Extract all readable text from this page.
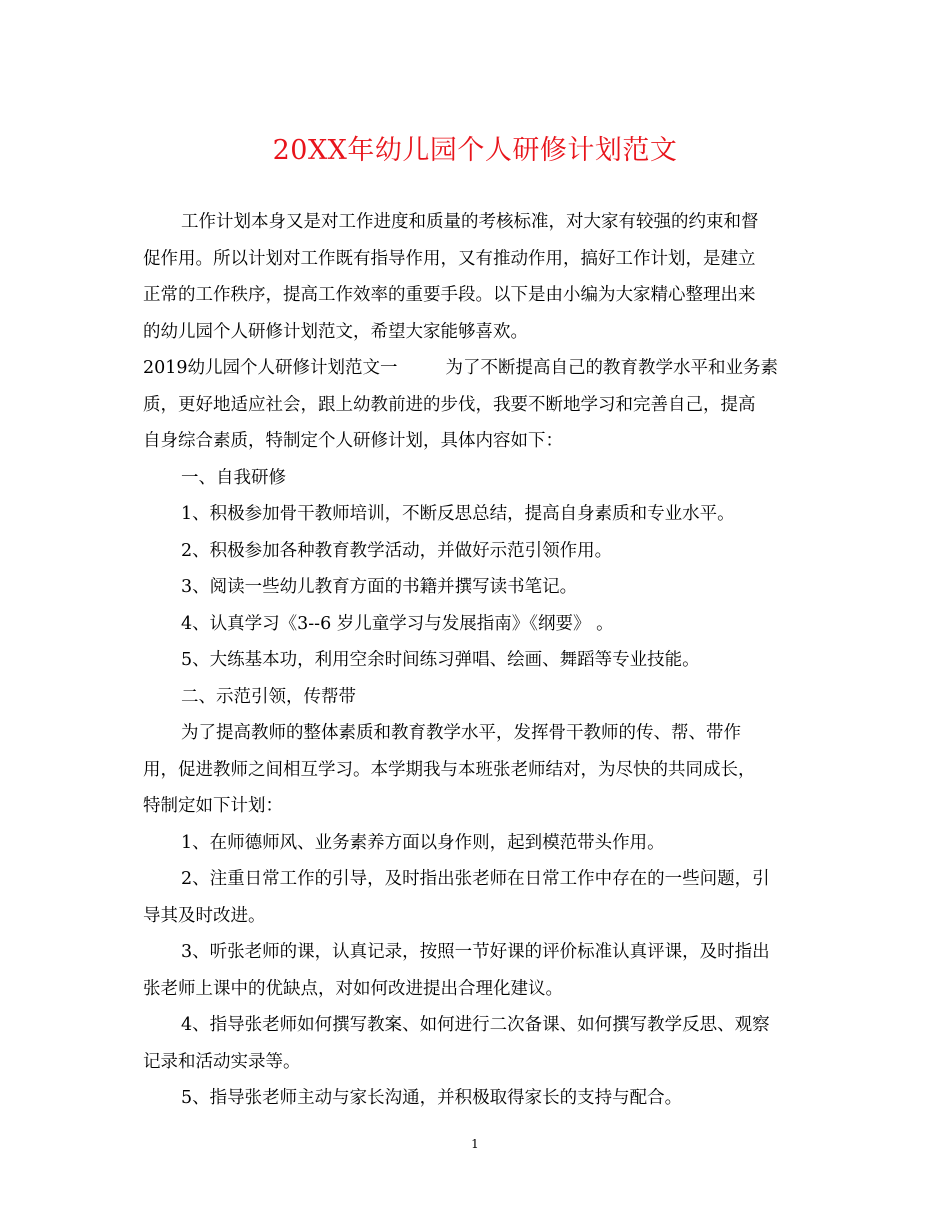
20XX年幼儿园个人研修计划范文

工作计划本身又是对工作进度和质量的考核标准，对大家有较强的约束和督

促作用。所以计划对工作既有指导作用，又有推动作用，搞好工作计划，是建立

正常的工作秩序，提高工作效率的重要手段。以下是由小编为大家精心整理出来

的幼儿园个人研修计划范文，希望大家能够喜欢。

2019幼儿园个人研修计划范文一	为了不断提高自己的教育教学水平和业务素

质，更好地适应社会，跟上幼教前进的步伐，我要不断地学习和完善自己，提高

自身综合素质，特制定个人研修计划，具体内容如下：

一、自我研修

1、积极参加骨干教师培训，不断反思总结，提高自身素质和专业水平。

2、积极参加各种教育教学活动，并做好示范引领作用。

3、阅读一些幼儿教育方面的书籍并撰写读书笔记。

4、认真学习《3--6 岁儿童学习与发展指南》《纲要》 。

5、大练基本功，利用空余时间练习弹唱、绘画、舞蹈等专业技能。

二、示范引领，传帮带

为了提高教师的整体素质和教育教学水平，发挥骨干教师的传、帮、带作

用，促进教师之间相互学习。本学期我与本班张老师结对，为尽快的共同成长，

特制定如下计划：

1、在师德师风、业务素养方面以身作则，起到模范带头作用。

2、注重日常工作的引导，及时指出张老师在日常工作中存在的一些问题，引

导其及时改进。

3、听张老师的课，认真记录，按照一节好课的评价标准认真评课，及时指出

张老师上课中的优缺点，对如何改进提出合理化建议。

4、指导张老师如何撰写教案、如何进行二次备课、如何撰写教学反思、观察

记录和活动实录等。

5、指导张老师主动与家长沟通，并积极取得家长的支持与配合。

1
